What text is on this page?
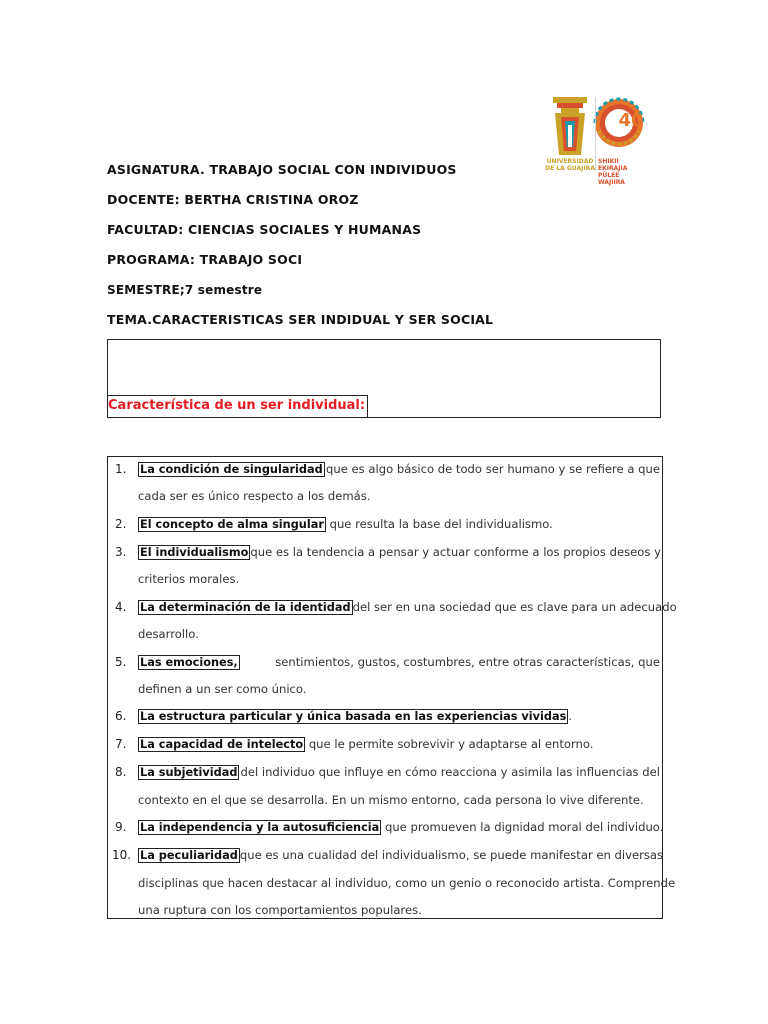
UNIVERSIDAD DE LA GUAJIRA
SHIKII EKIRAJIA PÜLEE WAJIIRA
40
ASIGNATURA. TRABAJO SOCIAL CON INDIVIDUOS
DOCENTE: BERTHA CRISTINA OROZ
FACULTAD: CIENCIAS SOCIALES Y HUMANAS
PROGRAMA: TRABAJO SOCI
SEMESTRE;7 semestre
TEMA.CARACTERISTICAS SER INDIDUAL Y SER SOCIAL
Característica de un ser individual:
1. La condición de singularidad que es algo básico de todo ser humano y se refiere a que
cada ser es único respecto a los demás.
2. El concepto de alma singular que resulta la base del individualismo.
3. El individualismo que es la tendencia a pensar y actuar conforme a los propios deseos y
criterios morales.
4. La determinación de la identidad del ser en una sociedad que es clave para un adecuado
desarrollo.
5. Las emociones,	sentimientos, gustos, costumbres, entre otras características, que
definen a un ser como único.
6. La estructura particular y única basada en las experiencias vividas .
7. La capacidad de intelecto que le permite sobrevivir y adaptarse al entorno.
8. La subjetividad del individuo que influye en cómo reacciona y asimila las influencias del
contexto en el que se desarrolla. En un mismo entorno, cada persona lo vive diferente.
9. La independencia y la autosuficiencia que promueven la dignidad moral del individuo.
10. La peculiaridad que es una cualidad del individualismo, se puede manifestar en diversas
disciplinas que hacen destacar al individuo, como un genio o reconocido artista. Comprende
una ruptura con los comportamientos populares.
